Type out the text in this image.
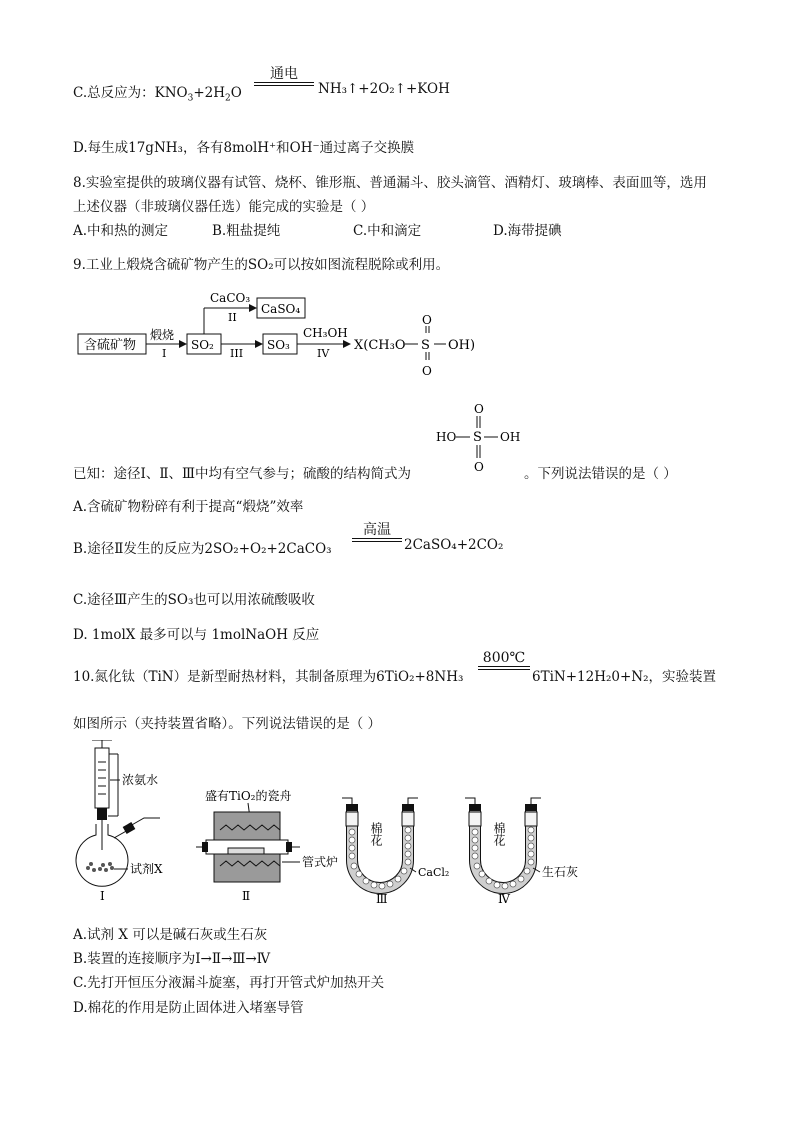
C.总反应为：$KNO_3+2H_2O$
通电
NH₃↑+2O₂↑+KOH
D.每生成17gNH₃，各有8molH⁺和OH⁻通过离子交换膜
8.实验室提供的玻璃仪器有试管、烧杯、锥形瓶、普通漏斗、胶头滴管、酒精灯、玻璃棒、表面皿等，选用
上述仪器（非玻璃仪器任选）能完成的实验是（ ）
A.中和热的测定	B.粗盐提纯	C.中和滴定	D.海带提碘
9.工业上煅烧含硫矿物产生的SO₂可以按如图流程脱除或利用。
含硫矿物
煅烧
I
SO₂
CaCO₃
II
CaSO₄
III
SO₃
CH₃OH
IV
X(CH₃O S
O
O
OH)
O
HO S OH
O
已知：途径Ⅰ、Ⅱ、Ⅲ中均有空气参与；硫酸的结构简式为	。下列说法错误的是（ ）
A.含硫矿物粉碎有利于提高“煅烧”效率
B.途径Ⅱ发生的反应为2SO₂+O₂+2CaCO₃
高温
2CaSO₄+2CO₂
C.途径Ⅲ产生的SO₃也可以用浓硫酸吸收
D. 1molX 最多可以与 1molNaOH 反应
10.氮化钛（TiN）是新型耐热材料，其制备原理为6TiO₂+8NH₃
800℃
6TiN+12H₂0+N₂，实验装置
如图所示（夹持装置省略）。下列说法错误的是（ ）
浓氨水
试剂X
Ⅰ
盛有TiO₂的瓷舟
管式炉
Ⅱ
棉花
CaCl₂
Ⅲ
棉花
生石灰
Ⅳ
A.试剂 X 可以是碱石灰或生石灰
B.装置的连接顺序为Ⅰ→Ⅱ→Ⅲ→Ⅳ
C.先打开恒压分液漏斗旋塞，再打开管式炉加热开关
D.棉花的作用是防止固体进入堵塞导管
